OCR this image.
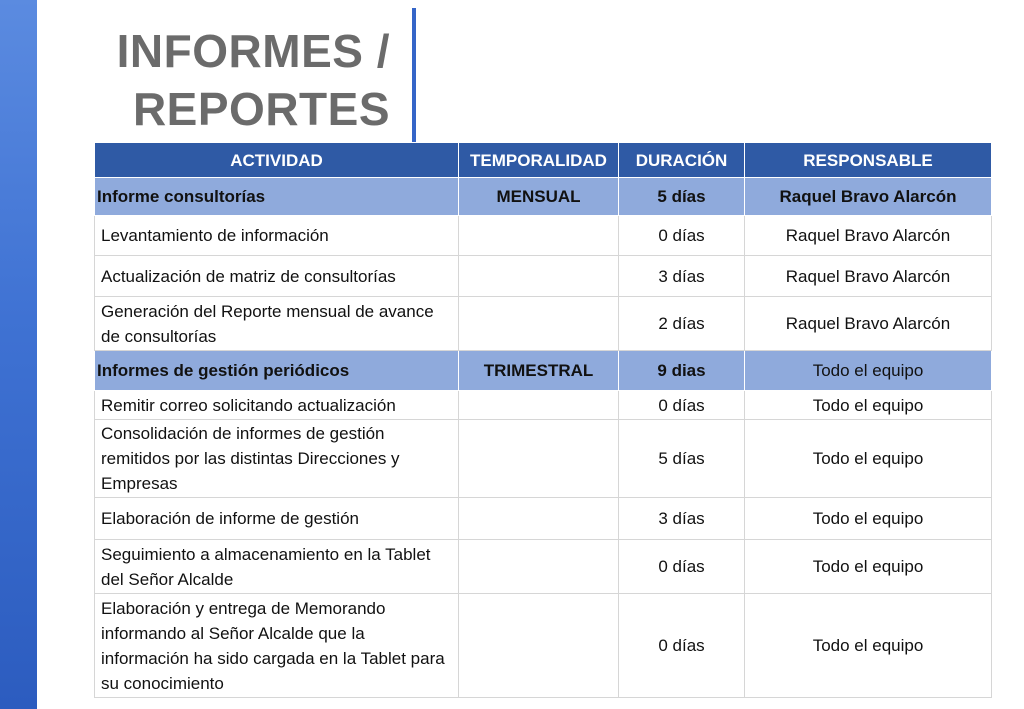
INFORMES /
REPORTES
ACTIVIDAD	TEMPORALIDAD	DURACIÓN	RESPONSABLE
Informe consultorías	MENSUAL	5 días	Raquel Bravo Alarcón
Levantamiento de información		0 días	Raquel Bravo Alarcón
Actualización de matriz de consultorías		3 días	Raquel Bravo Alarcón
Generación del Reporte mensual de avance de consultorías		2 días	Raquel Bravo Alarcón
Informes de gestión periódicos	TRIMESTRAL	9 dias	Todo el equipo
Remitir correo solicitando actualización		0 días	Todo el equipo
Consolidación de informes de gestión remitidos por las distintas Direcciones y Empresas		5 días	Todo el equipo
Elaboración de informe de gestión		3 días	Todo el equipo
Seguimiento a almacenamiento en la Tablet del Señor Alcalde		0 días	Todo el equipo
Elaboración y entrega de Memorando informando al Señor Alcalde que la información ha sido cargada en la Tablet para su conocimiento		0 días	Todo el equipo
